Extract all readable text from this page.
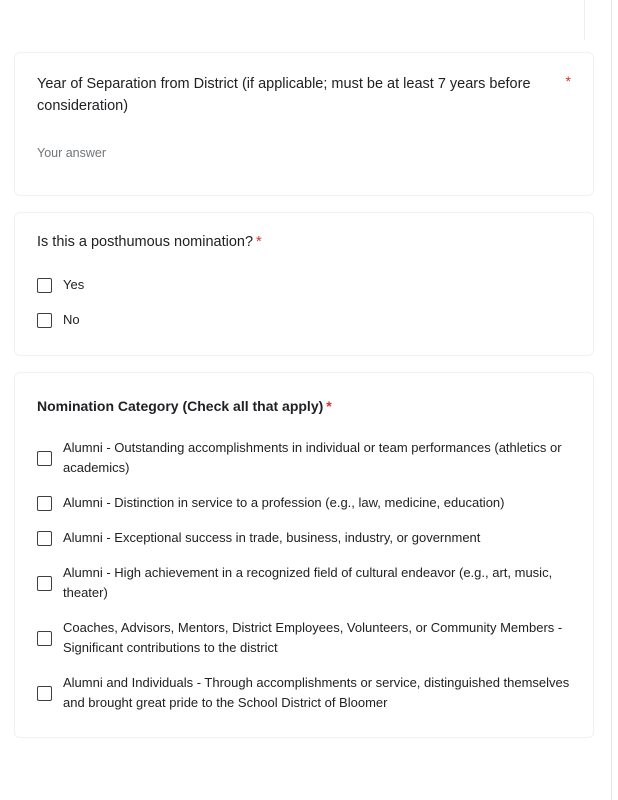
Year of Separation from District (if applicable; must be at least 7 years before consideration)
*
Your answer
Is this a posthumous nomination? *
Yes
No
Nomination Category (Check all that apply) *
Alumni - Outstanding accomplishments in individual or team performances (athletics or academics)
Alumni - Distinction in service to a profession (e.g., law, medicine, education)
Alumni - Exceptional success in trade, business, industry, or government
Alumni - High achievement in a recognized field of cultural endeavor (e.g., art, music, theater)
Coaches, Advisors, Mentors, District Employees, Volunteers, or Community Members - Significant contributions to the district
Alumni and Individuals - Through accomplishments or service, distinguished themselves and brought great pride to the School District of Bloomer
